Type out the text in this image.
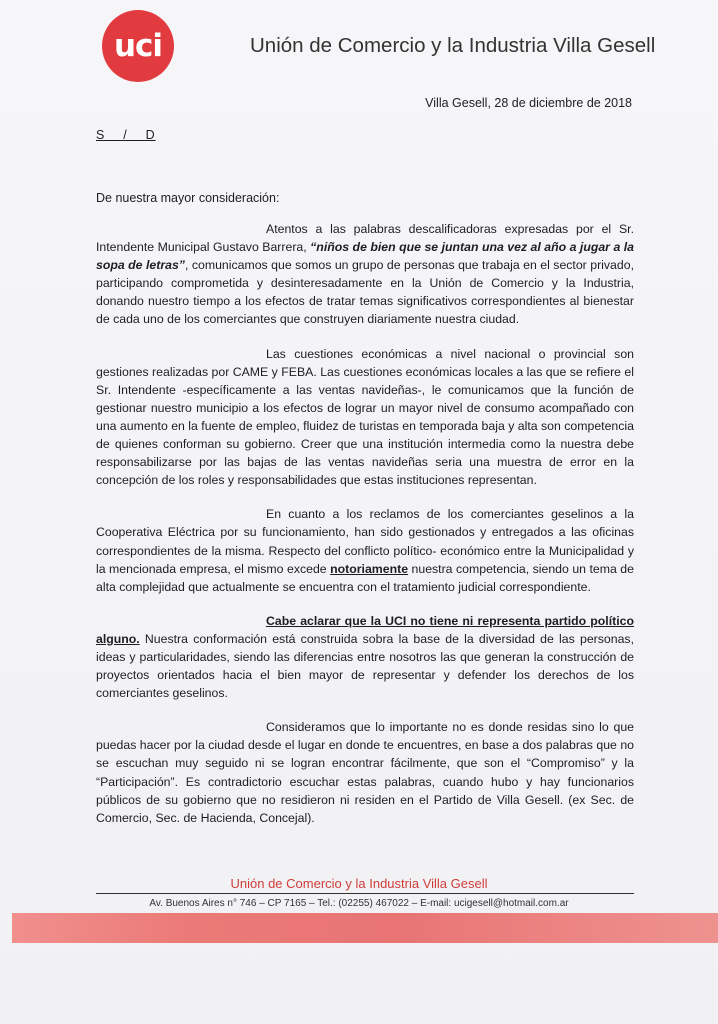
uci	Unión de Comercio y la Industria Villa Gesell
Villa Gesell, 28 de diciembre de 2018
S    /    D
De nuestra mayor consideración:

Atentos a las palabras descalificadoras expresadas por el Sr. Intendente Municipal Gustavo Barrera, “niños de bien que se juntan una vez al año a jugar a la sopa de letras”, comunicamos que somos un grupo de personas que trabaja en el sector privado, participando comprometida y desinteresadamente en la Unión de Comercio y la Industria, donando nuestro tiempo a los efectos de tratar temas significativos correspondientes al bienestar de cada uno de los comerciantes que construyen diariamente nuestra ciudad.

Las cuestiones económicas a nivel nacional o provincial son gestiones realizadas por CAME y FEBA. Las cuestiones económicas locales a las que se refiere el Sr. Intendente -específicamente a las ventas navideñas-, le comunicamos que la función de gestionar nuestro municipio a los efectos de lograr un mayor nivel de consumo acompañado con una aumento en la fuente de empleo, fluidez de turistas en temporada baja y alta son competencia de quienes conforman su gobierno. Creer que una institución intermedia como la nuestra debe responsabilizarse por las bajas de las ventas navideñas seria una muestra de error en la concepción de los roles y responsabilidades que estas instituciones representan.

En cuanto a los reclamos de los comerciantes geselinos a la Cooperativa Eléctrica por su funcionamiento, han sido gestionados y entregados a las oficinas correspondientes de la misma. Respecto del conflicto político- económico entre la Municipalidad y la mencionada empresa, el mismo excede notoriamente nuestra competencia, siendo un tema de alta complejidad que actualmente se encuentra con el tratamiento judicial correspondiente.

Cabe aclarar que la UCI no tiene ni representa partido político alguno. Nuestra conformación está construida sobra la base de la diversidad de las personas, ideas y particularidades, siendo las diferencias entre nosotros las que generan la construcción de proyectos orientados hacia el bien mayor de representar y defender los derechos de los comerciantes geselinos.

Consideramos que lo importante no es donde residas sino lo que puedas hacer por la ciudad desde el lugar en donde te encuentres, en base a dos palabras que no se escuchan muy seguido ni se logran encontrar fácilmente, que son el “Compromiso” y la “Participación”. Es contradictorio escuchar estas palabras, cuando hubo y hay funcionarios públicos de su gobierno que no residieron ni residen en el Partido de Villa Gesell. (ex Sec. de Comercio, Sec. de Hacienda, Concejal).

Unión de Comercio y la Industria Villa Gesell
Av. Buenos Aires n° 746 – CP 7165 – Tel.: (02255) 467022 – E-mail: ucigesell@hotmail.com.ar
